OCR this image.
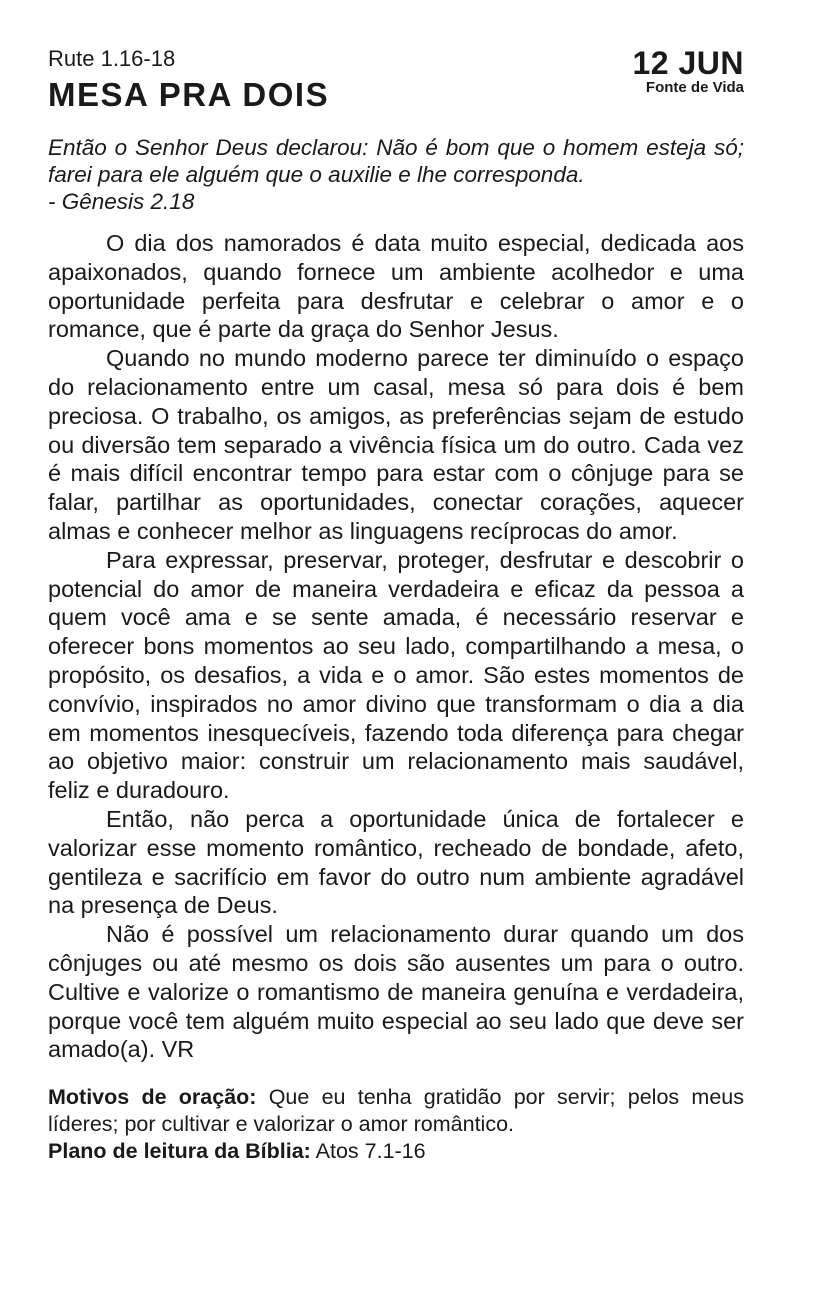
Rute 1.16-18
MESA PRA DOIS
12 JUN
Fonte de Vida
Então o Senhor Deus declarou: Não é bom que o homem esteja só; farei para ele alguém que o auxilie e lhe corresponda.
- Gênesis 2.18

O dia dos namorados é data muito especial, dedicada aos apaixonados, quando fornece um ambiente acolhedor e uma oportunidade perfeita para desfrutar e celebrar o amor e o romance, que é parte da graça do Senhor Jesus.

Quando no mundo moderno parece ter diminuído o espaço do relacionamento entre um casal, mesa só para dois é bem preciosa. O trabalho, os amigos, as preferências sejam de estudo ou diversão tem separado a vivência física um do outro. Cada vez é mais difícil encontrar tempo para estar com o cônjuge para se falar, partilhar as oportunidades, conectar corações, aquecer almas e conhecer melhor as linguagens recíprocas do amor.

Para expressar, preservar, proteger, desfrutar e descobrir o potencial do amor de maneira verdadeira e eficaz da pessoa a quem você ama e se sente amada, é necessário reservar e oferecer bons momentos ao seu lado, compartilhando a mesa, o propósito, os desafios, a vida e o amor. São estes momentos de convívio, inspirados no amor divino que transformam o dia a dia em momentos inesquecíveis, fazendo toda diferença para chegar ao objetivo maior: construir um relacionamento mais saudável, feliz e duradouro.

Então, não perca a oportunidade única de fortalecer e valorizar esse momento romântico, recheado de bondade, afeto, gentileza e sacrifício em favor do outro num ambiente agradável na presença de Deus.

Não é possível um relacionamento durar quando um dos cônjuges ou até mesmo os dois são ausentes um para o outro. Cultive e valorize o romantismo de maneira genuína e verdadeira, porque você tem alguém muito especial ao seu lado que deve ser amado(a). VR

Motivos de oração: Que eu tenha gratidão por servir; pelos meus líderes; por cultivar e valorizar o amor romântico.

Plano de leitura da Bíblia: Atos 7.1-16
